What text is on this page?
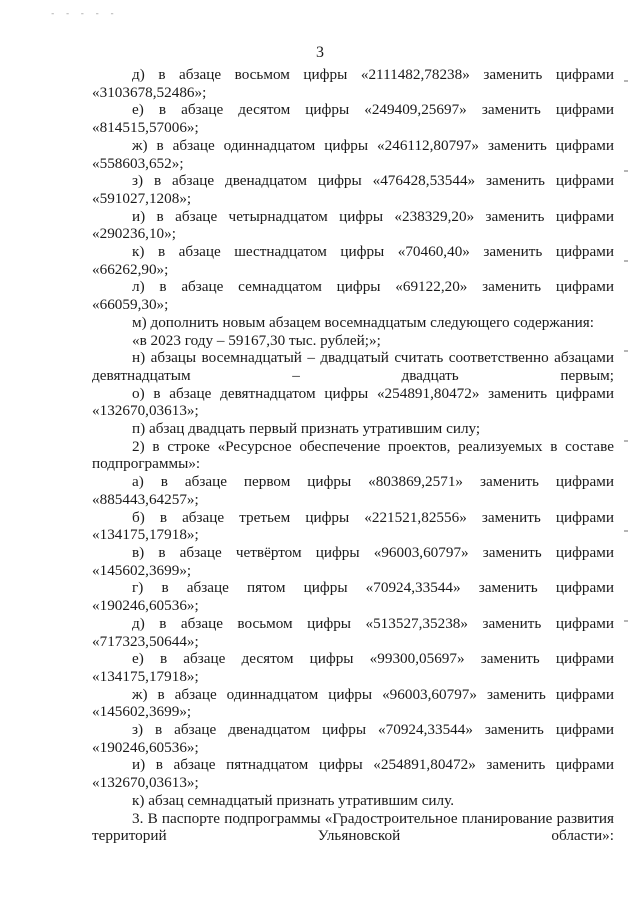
- - - - -
3

д) в абзаце восьмом цифры «2111482,78238» заменить цифрами «3103678,52486»;

е) в абзаце десятом цифры «249409,25697» заменить цифрами «814515,57006»;

ж) в абзаце одиннадцатом цифры «246112,80797» заменить цифрами «558603,652»;

з) в абзаце двенадцатом цифры «476428,53544» заменить цифрами «591027,1208»;

и) в абзаце четырнадцатом цифры «238329,20» заменить цифрами «290236,10»;

к) в абзаце шестнадцатом цифры «70460,40» заменить цифрами «66262,90»;

л) в абзаце семнадцатом цифры «69122,20» заменить цифрами «66059,30»;

м) дополнить новым абзацем восемнадцатым следующего содержания:

«в 2023 году – 59167,30 тыс. рублей;»;

н) абзацы восемнадцатый – двадцатый считать соответственно абзацами девятнадцатым – двадцать первым;

о) в абзаце девятнадцатом цифры «254891,80472» заменить цифрами «132670,03613»;

п) абзац двадцать первый признать утратившим силу;

2) в строке «Ресурсное обеспечение проектов, реализуемых в составе подпрограммы»:

а) в абзаце первом цифры «803869,2571» заменить цифрами «885443,64257»;

б) в абзаце третьем цифры «221521,82556» заменить цифрами «134175,17918»;

в) в абзаце четвёртом цифры «96003,60797» заменить цифрами «145602,3699»;

г) в абзаце пятом цифры «70924,33544» заменить цифрами «190246,60536»;

д) в абзаце восьмом цифры «513527,35238» заменить цифрами «717323,50644»;

е) в абзаце десятом цифры «99300,05697» заменить цифрами «134175,17918»;

ж) в абзаце одиннадцатом цифры «96003,60797» заменить цифрами «145602,3699»;

з) в абзаце двенадцатом цифры «70924,33544» заменить цифрами «190246,60536»;

и) в абзаце пятнадцатом цифры «254891,80472» заменить цифрами «132670,03613»;

к) абзац семнадцатый признать утратившим силу.

3. В паспорте подпрограммы «Градостроительное планирование развития территорий Ульяновской области»:
